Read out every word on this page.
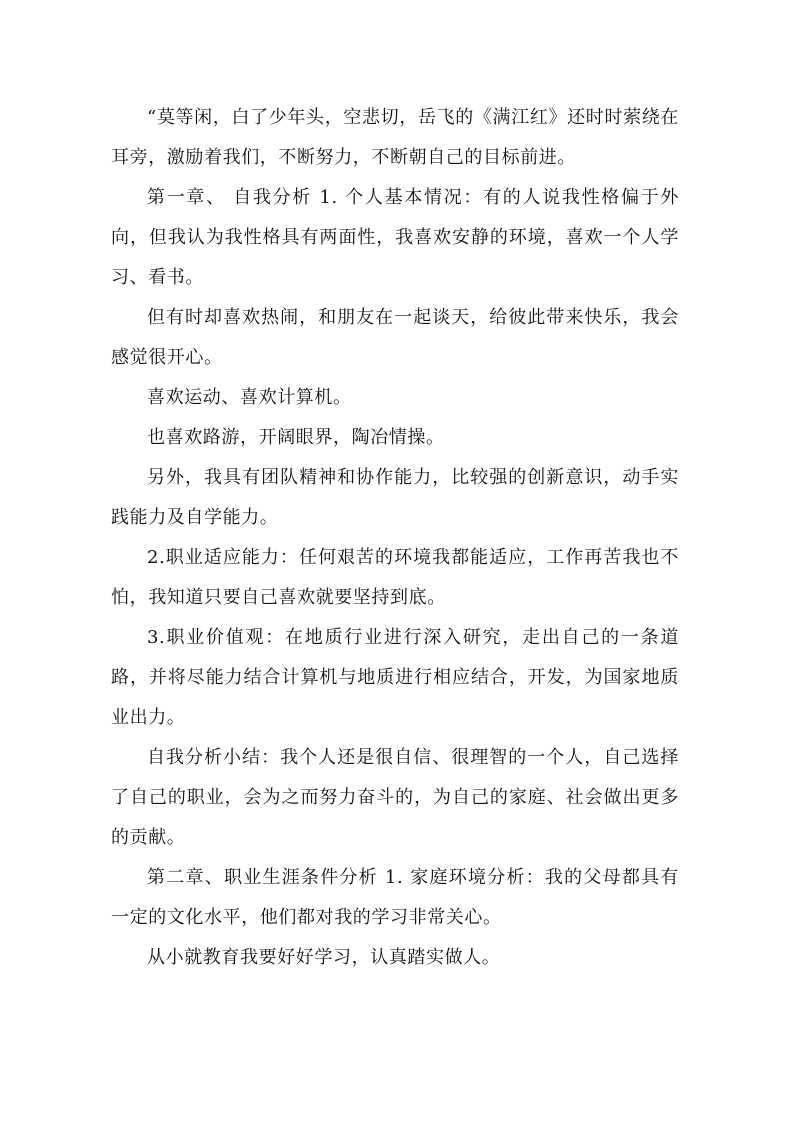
“莫等闲，白了少年头，空悲切，岳飞的《满江红》还时时萦绕在耳旁，激励着我们，不断努力，不断朝自己的目标前进。

第一章、 自我分析 1. 个人基本情况：有的人说我性格偏于外向，但我认为我性格具有两面性，我喜欢安静的环境，喜欢一个人学习、看书。

但有时却喜欢热闹，和朋友在一起谈天，给彼此带来快乐，我会感觉很开心。

喜欢运动、喜欢计算机。

也喜欢路游，开阔眼界，陶冶情操。

另外，我具有团队精神和协作能力，比较强的创新意识，动手实践能力及自学能力。

2.职业适应能力：任何艰苦的环境我都能适应，工作再苦我也不怕，我知道只要自己喜欢就要坚持到底。

3.职业价值观：在地质行业进行深入研究，走出自己的一条道路，并将尽能力结合计算机与地质进行相应结合，开发，为国家地质业出力。

自我分析小结：我个人还是很自信、很理智的一个人，自己选择了自己的职业，会为之而努力奋斗的，为自己的家庭、社会做出更多的贡献。

第二章、职业生涯条件分析 1. 家庭环境分析：我的父母都具有一定的文化水平，他们都对我的学习非常关心。

从小就教育我要好好学习，认真踏实做人。
